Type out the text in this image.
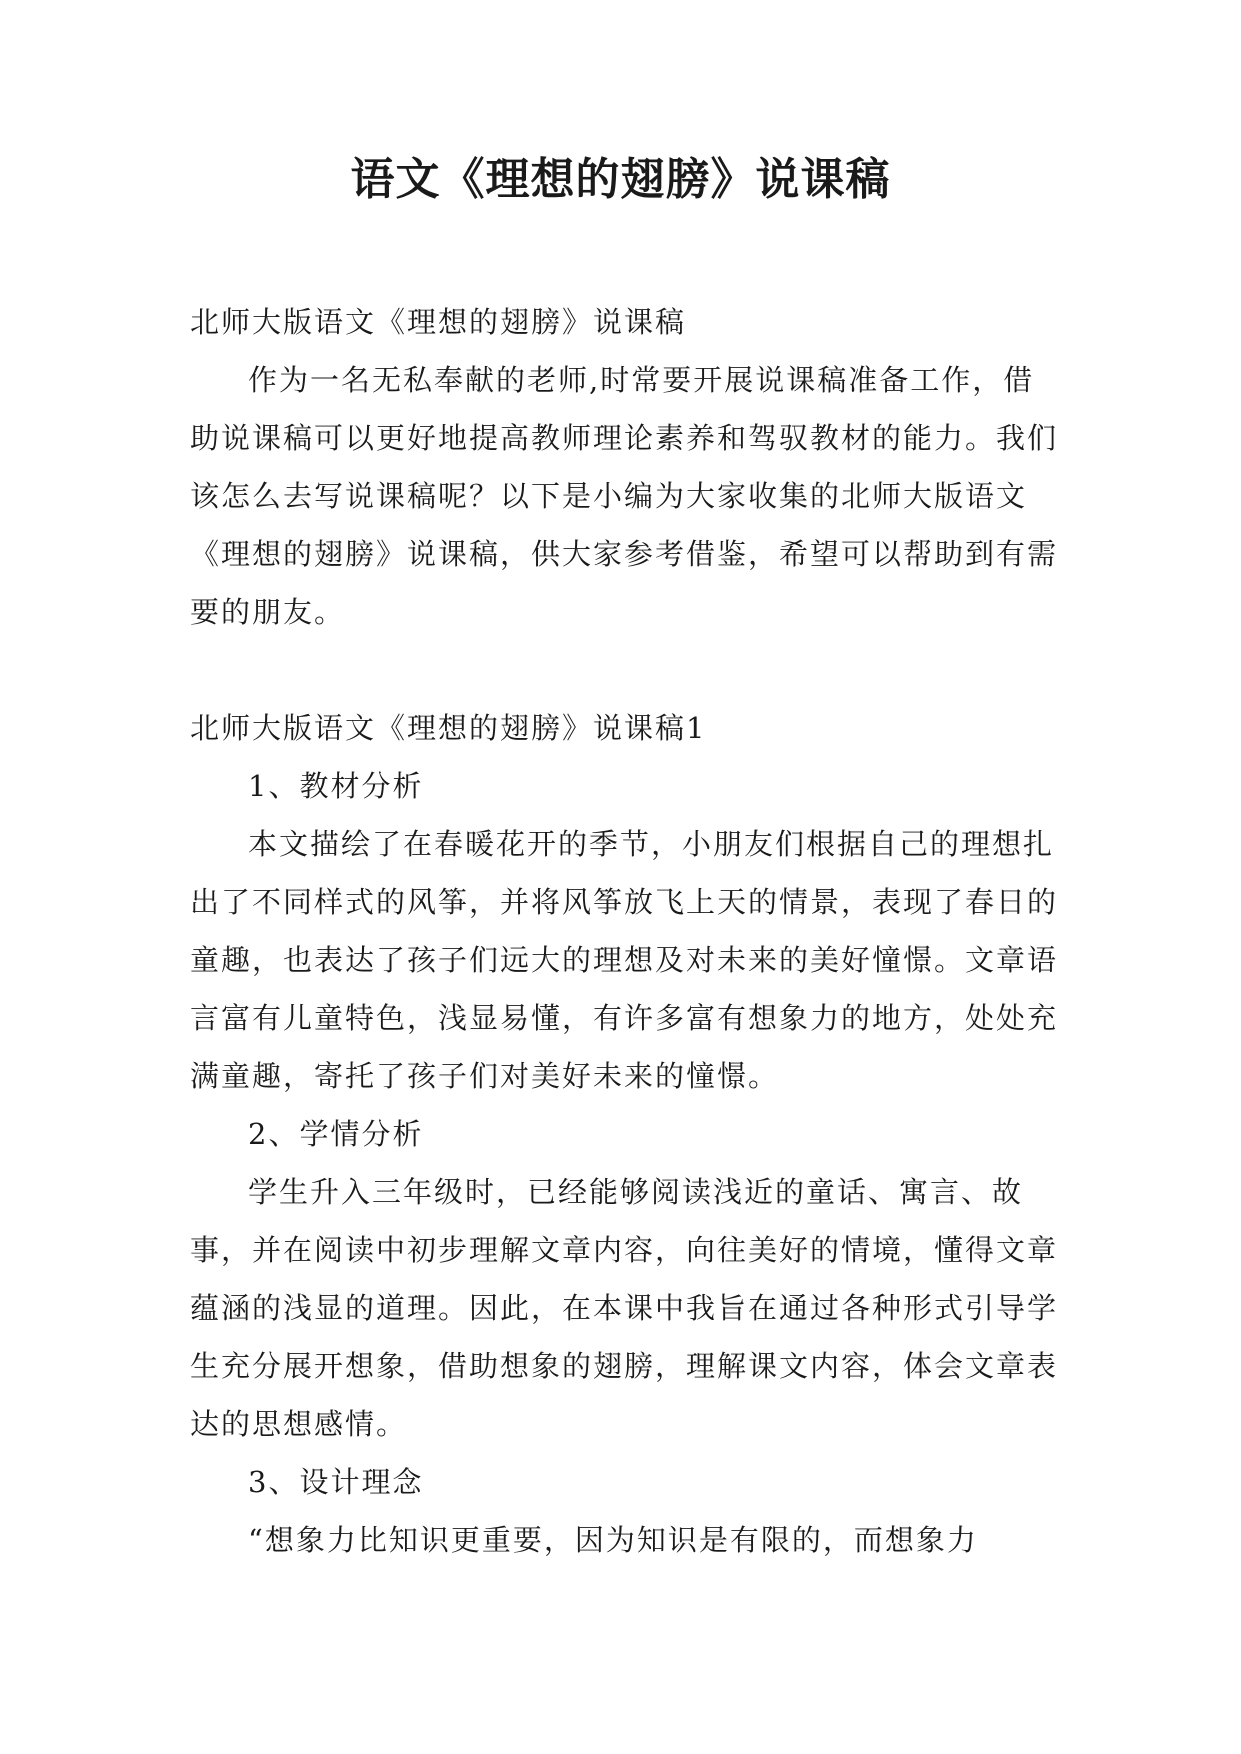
语文《理想的翅膀》说课稿

北师大版语文《理想的翅膀》说课稿

作为一名无私奉献的老师,时常要开展说课稿准备工作，借助说课稿可以更好地提高教师理论素养和驾驭教材的能力。我们该怎么去写说课稿呢？以下是小编为大家收集的北师大版语文《理想的翅膀》说课稿，供大家参考借鉴，希望可以帮助到有需要的朋友。

北师大版语文《理想的翅膀》说课稿1

1、教材分析

本文描绘了在春暖花开的季节，小朋友们根据自己的理想扎出了不同样式的风筝，并将风筝放飞上天的情景，表现了春日的童趣，也表达了孩子们远大的理想及对未来的美好憧憬。文章语言富有儿童特色，浅显易懂，有许多富有想象力的地方，处处充满童趣，寄托了孩子们对美好未来的憧憬。

2、学情分析

学生升入三年级时，已经能够阅读浅近的童话、寓言、故事，并在阅读中初步理解文章内容，向往美好的情境，懂得文章蕴涵的浅显的道理。因此，在本课中我旨在通过各种形式引导学生充分展开想象，借助想象的翅膀，理解课文内容，体会文章表达的思想感情。

3、设计理念

“想象力比知识更重要，因为知识是有限的，而想象力
